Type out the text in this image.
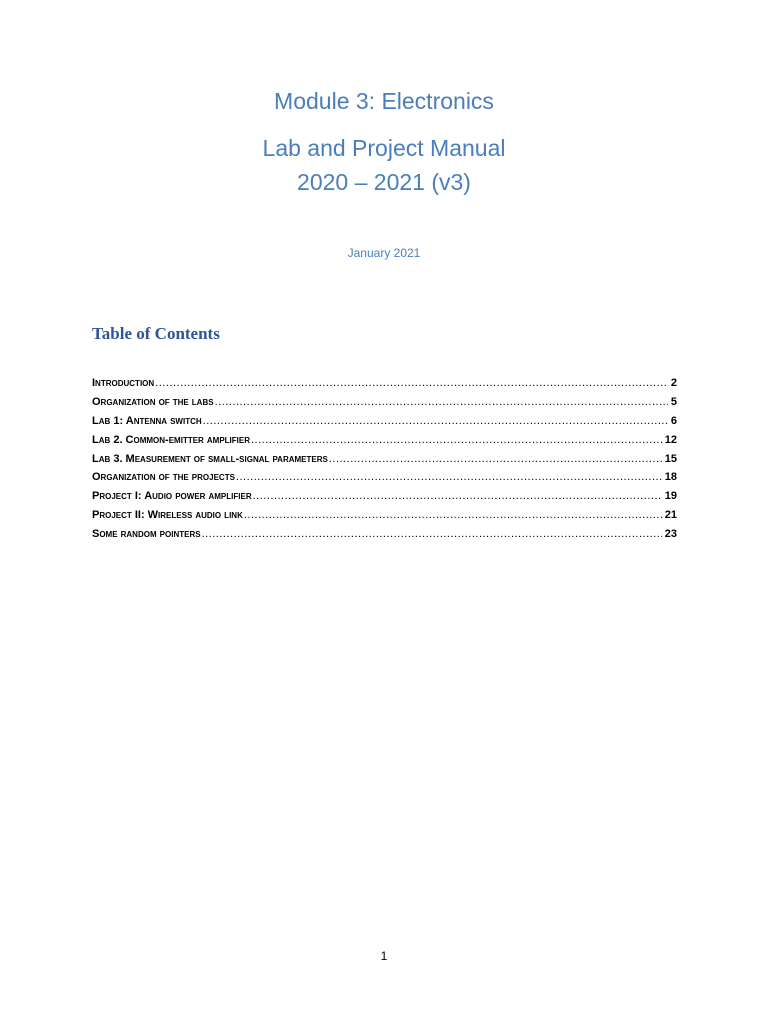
Module 3: Electronics
Lab and Project Manual
2020 – 2021 (v3)
January 2021
Table of Contents
Introduction .....	2
Organization of the labs .....	5
Lab 1: Antenna switch .....	6
Lab 2. Common-emitter amplifier .....	12
Lab 3. Measurement of small-signal parameters .....	15
Organization of the projects .....	18
Project I: Audio power amplifier .....	19
Project II: Wireless audio link .....	21
Some random pointers .....	23
1
